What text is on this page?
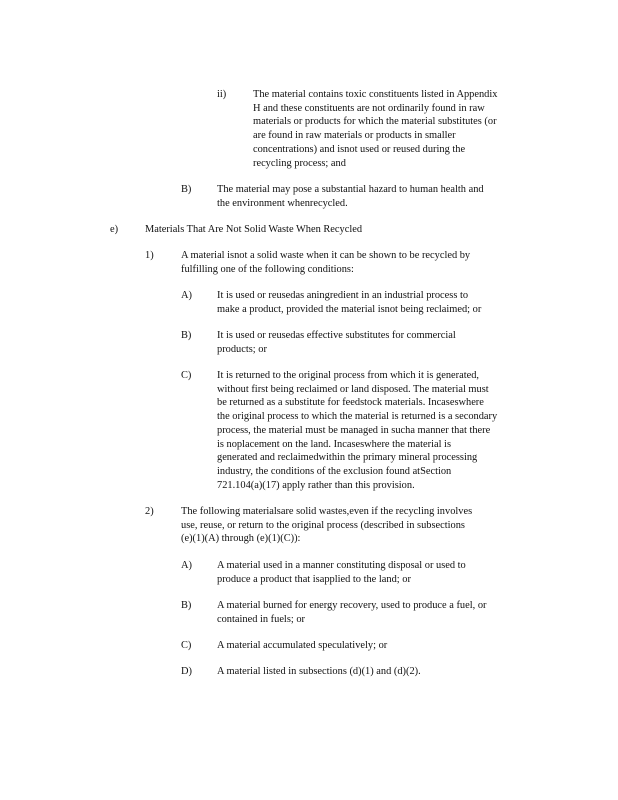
ii)	The material contains toxic constituents listed in Appendix
H and these constituents are not ordinarily found in raw
materials or products for which the material substitutes (or
are found in raw materials or products in smaller
concentrations) and isnot used or reused during the
recycling process; and
B) The material may pose a substantial hazard to human health and
the environment whenrecycled.
e)	Materials That Are Not Solid Waste When Recycled
1)	A material isnot a solid waste when it can be shown to be recycled by
fulfilling one of the following conditions:
A) It is used or reusedas aningredient in an industrial process to
make a product, provided the material isnot being reclaimed; or
B) It is used or reusedas effective substitutes for commercial
products; or
C) It is returned to the original process from which it is generated,
without first being reclaimed or land disposed. The material must
be returned as a substitute for feedstock materials. Incaseswhere
the original process to which the material is returned is a secondary
process, the material must be managed in sucha manner that there
is noplacement on the land. Incaseswhere the material is
generated and reclaimedwithin the primary mineral processing
industry, the conditions of the exclusion found atSection
721.104(a)(17) apply rather than this provision.
2)	The following materialsare solid wastes,even if the recycling involves
use, reuse, or return to the original process (described in subsections
(e)(1)(A) through (e)(1)(C)):
A) A material used in a manner constituting disposal or used to
produce a product that isapplied to the land; or
B) A material burned for energy recovery, used to produce a fuel, or
contained in fuels; or
C) A material accumulated speculatively; or
D) A material listed in subsections (d)(1) and (d)(2).
